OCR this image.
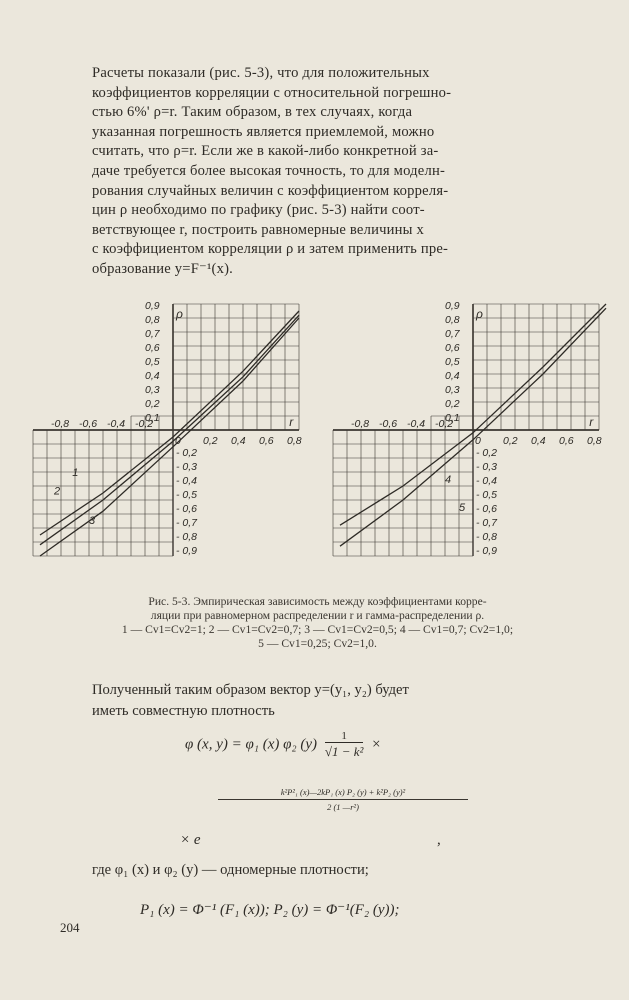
Расчеты показали (рис. 5-3), что для положительных
коэффициентов корреляции с относительной погрешно-
стью 6%' ρ=r. Таким образом, в тех случаях, когда
указанная погрешность является приемлемой, можно
считать, что ρ=r. Если же в какой-либо конкретной за-
даче требуется более высокая точность, то для моделн-
рования случайных величин с коэффициентом корреля-
цин ρ необходимо по графику (рис. 5-3) найти соот-
ветствующее r, построить равномерные величины x
с коэффициентом корреляции ρ и затем применить пре-
образование y=F⁻¹(x).
0,9
0,8
0,7
0,6
0,5
0,4
0,3
0,2
0,1
- 0,2
- 0,3
- 0,4
- 0,5
- 0,6
- 0,7
- 0,8
- 0,9
-0,8 -0,6 -0,4 -0,2
0 0,2 0,4 0,6 0,8
ρ
r
1
2
3
0,9
0,8
0,7
0,6
0,5
0,4
0,3
0,2
0,1
- 0,2
- 0,3
- 0,4
- 0,5
- 0,6
- 0,7
- 0,8
- 0,9
-0,8 -0,6 -0,4 -0,2
0 0,2 0,4 0,6 0,8
ρ
r
4
5
Рис. 5-3. Эмпирическая зависимость между коэффициентами корре-
ляции при равномерном распределении r и гамма-распределении ρ.
1 — Cv1=Cv2=1; 2 — Cv1=Cv2=0,7; 3 — Cv1=Cv2=0,5; 4 — Cv1=0,7; Cv2=1,0;
5 — Cv1=0,25; Cv2=1,0.
Полученный таким образом вектор y=(y₁, y₂) будет
иметь совместную плотность
φ (x, y) = φ₁ (x) φ₂ $(y) \frac{1}{\text{√1 − k²}}$ ×
$\frac{\text{k²P²₁ (x)—2kP₁ (x) P₂ (y) + k²P₂ (y)²}}{\text{2 (1 —r²)}}$
× e	,
где φ₁ (x) и φ₂ (y) — одномерные плотности;
P₁ (x) = Φ⁻¹ (F₁ (x)); P₂ (y) = Φ⁻¹(F₂ (y));
204
